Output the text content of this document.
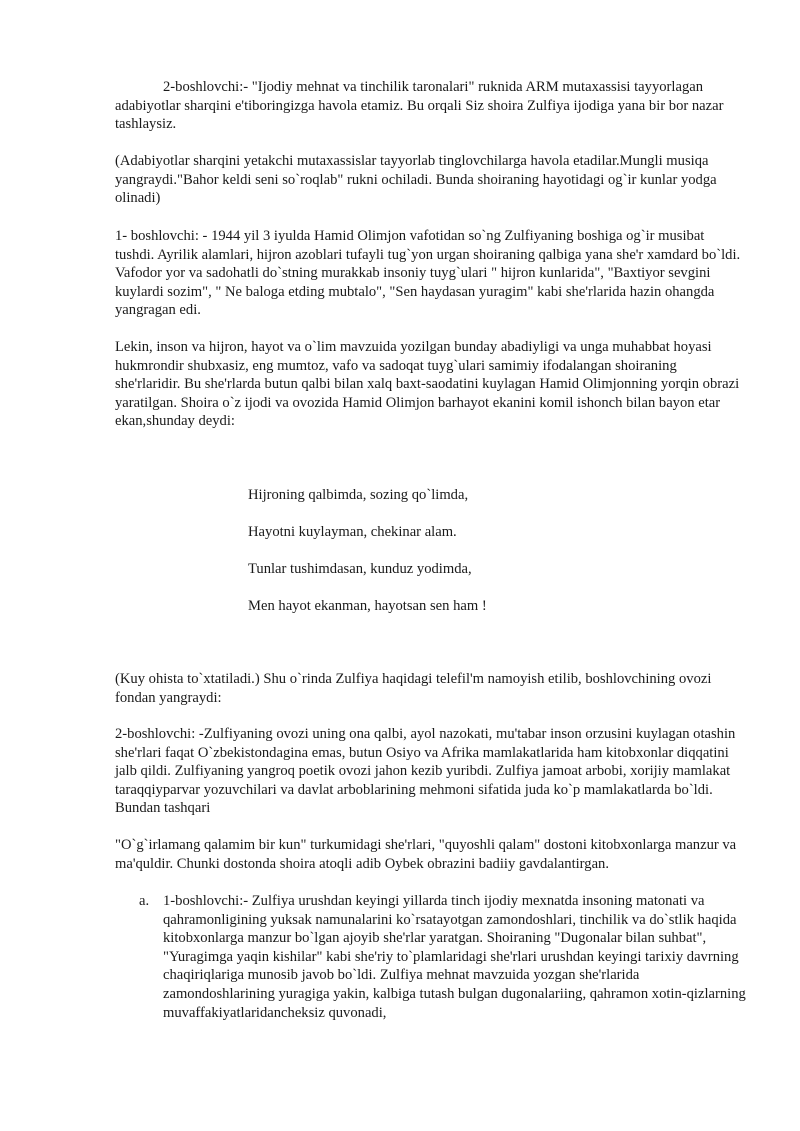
2-boshlovchi:- "Ijodiy mehnat va tinchilik taronalari" ruknida ARM mutaxassisi tayyorlagan adabiyotlar sharqini e'tiboringizga havola etamiz. Bu orqali Siz shoira Zulfiya ijodiga yana bir bor nazar tashlaysiz.

(Adabiyotlar sharqini yetakchi mutaxassislar tayyorlab tinglovchilarga havola etadilar.Mungli musiqa yangraydi."Bahor keldi seni so`roqlab" rukni ochiladi. Bunda shoiraning hayotidagi og`ir kunlar yodga olinadi)

1- boshlovchi: - 1944 yil 3 iyulda Hamid Olimjon vafotidan so`ng Zulfiyaning boshiga og`ir musibat tushdi. Ayrilik alamlari, hijron azoblari tufayli tug`yon urgan shoiraning qalbiga yana she'r xamdard bo`ldi. Vafodor yor va sadohatli do`stning murakkab insoniy tuyg`ulari " hijron kunlarida", "Baxtiyor sevgini kuylardi sozim", " Ne baloga etding mubtalo", "Sen haydasan yuragim" kabi she'rlarida hazin ohangda yangragan edi.

Lekin, inson va hijron, hayot va o`lim mavzuida yozilgan bunday abadiyligi va unga muhabbat hoyasi hukmrondir shubxasiz, eng mumtoz, vafo va sadoqat tuyg`ulari samimiy ifodalangan shoiraning she'rlaridir. Bu she'rlarda butun qalbi bilan xalq baxt-saodatini kuylagan Hamid Olimjonning yorqin obrazi yaratilgan. Shoira o`z ijodi va ovozida Hamid Olimjon barhayot ekanini komil ishonch bilan bayon etar ekan,shunday deydi:

Hijroning qalbimda, sozing qo`limda,

Hayotni kuylayman, chekinar alam.

Tunlar tushimdasan, kunduz yodimda,

Men hayot ekanman, hayotsan sen ham !

(Kuy ohista to`xtatiladi.) Shu o`rinda Zulfiya haqidagi telefil'm namoyish etilib, boshlovchining ovozi fondan yangraydi:

2-boshlovchi: -Zulfiyaning ovozi uning ona qalbi, ayol nazokati, mu'tabar inson orzusini kuylagan otashin she'rlari faqat O`zbekistondagina emas, butun Osiyo va Afrika mamlakatlarida ham kitobxonlar diqqatini jalb qildi. Zulfiyaning yangroq poetik ovozi jahon kezib yuribdi. Zulfiya jamoat arbobi, xorijiy mamlakat taraqqiyparvar yozuvchilari va davlat arboblarining mehmoni sifatida juda ko`p mamlakatlarda bo`ldi. Bundan tashqari

"O`g`irlamang qalamim bir kun" turkumidagi she'rlari, "quyoshli qalam" dostoni kitobxonlarga manzur va ma'quldir. Chunki dostonda shoira atoqli adib Oybek obrazini badiiy gavdalantirgan.

a. 1-boshlovchi:- Zulfiya urushdan keyingi yillarda tinch ijodiy mexnatda insoning matonati va qahramonligining yuksak namunalarini ko`rsatayotgan zamondoshlari, tinchilik va do`stlik haqida kitobxonlarga manzur bo`lgan ajoyib she'rlar yaratgan. Shoiraning "Dugonalar bilan suhbat", "Yuragimga yaqin kishilar" kabi she'riy to`plamlaridagi she'rlari urushdan keyingi tarixiy davrning chaqiriqlariga munosib javob bo`ldi. Zulfiya mehnat mavzuida yozgan she'rlarida zamondoshlarining yuragiga yakin, kalbiga tutash bulgan dugonalariing, qahramon xotin-qizlarning muvaffakiyatlaridancheksiz quvonadi,
